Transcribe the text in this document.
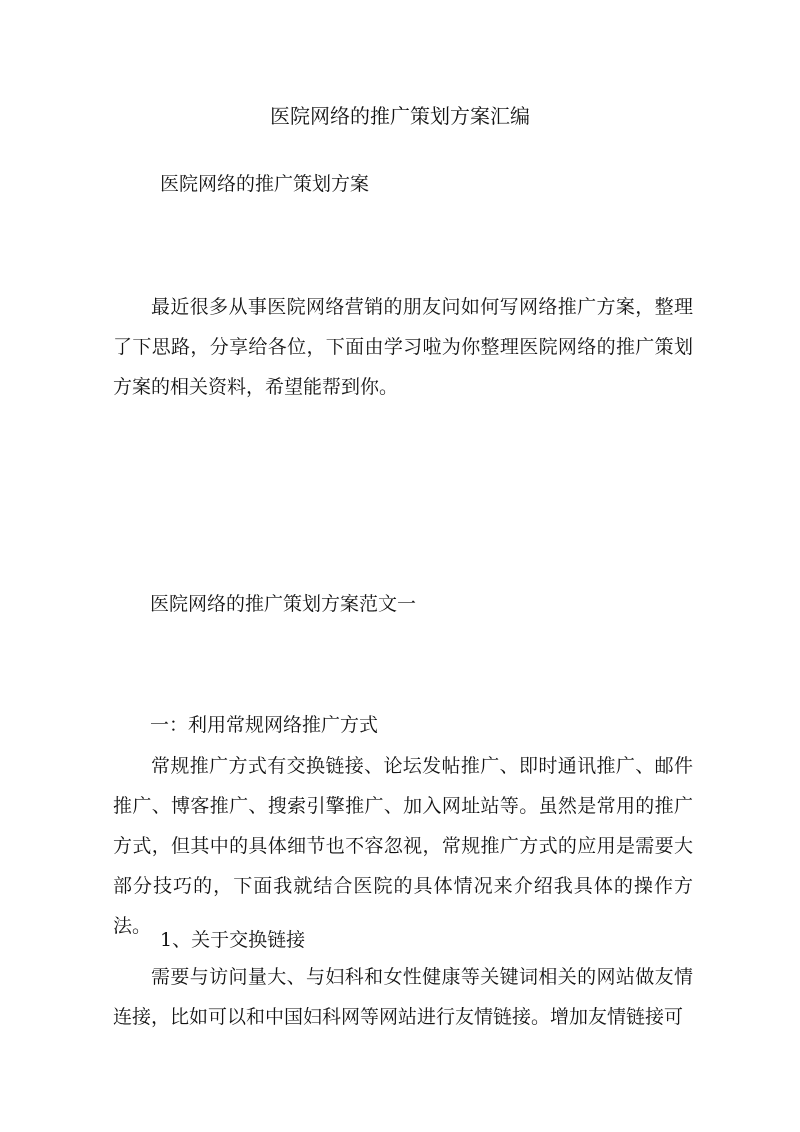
医院网络的推广策划方案汇编
医院网络的推广策划方案

最近很多从事医院网络营销的朋友问如何写网络推广方案，整理了下思路，分享给各位，下面由学习啦为你整理医院网络的推广策划方案的相关资料，希望能帮到你。

医院网络的推广策划方案范文一
一：利用常规网络推广方式

常规推广方式有交换链接、论坛发帖推广、即时通讯推广、邮件推广、博客推广、搜索引擎推广、加入网址站等。虽然是常用的推广方式，但其中的具体细节也不容忽视，常规推广方式的应用是需要大部分技巧的，下面我就结合医院的具体情况来介绍我具体的操作方法。

1、关于交换链接

需要与访问量大、与妇科和女性健康等关键词相关的网站做友情连接，比如可以和中国妇科网等网站进行友情链接。增加友情链接可
